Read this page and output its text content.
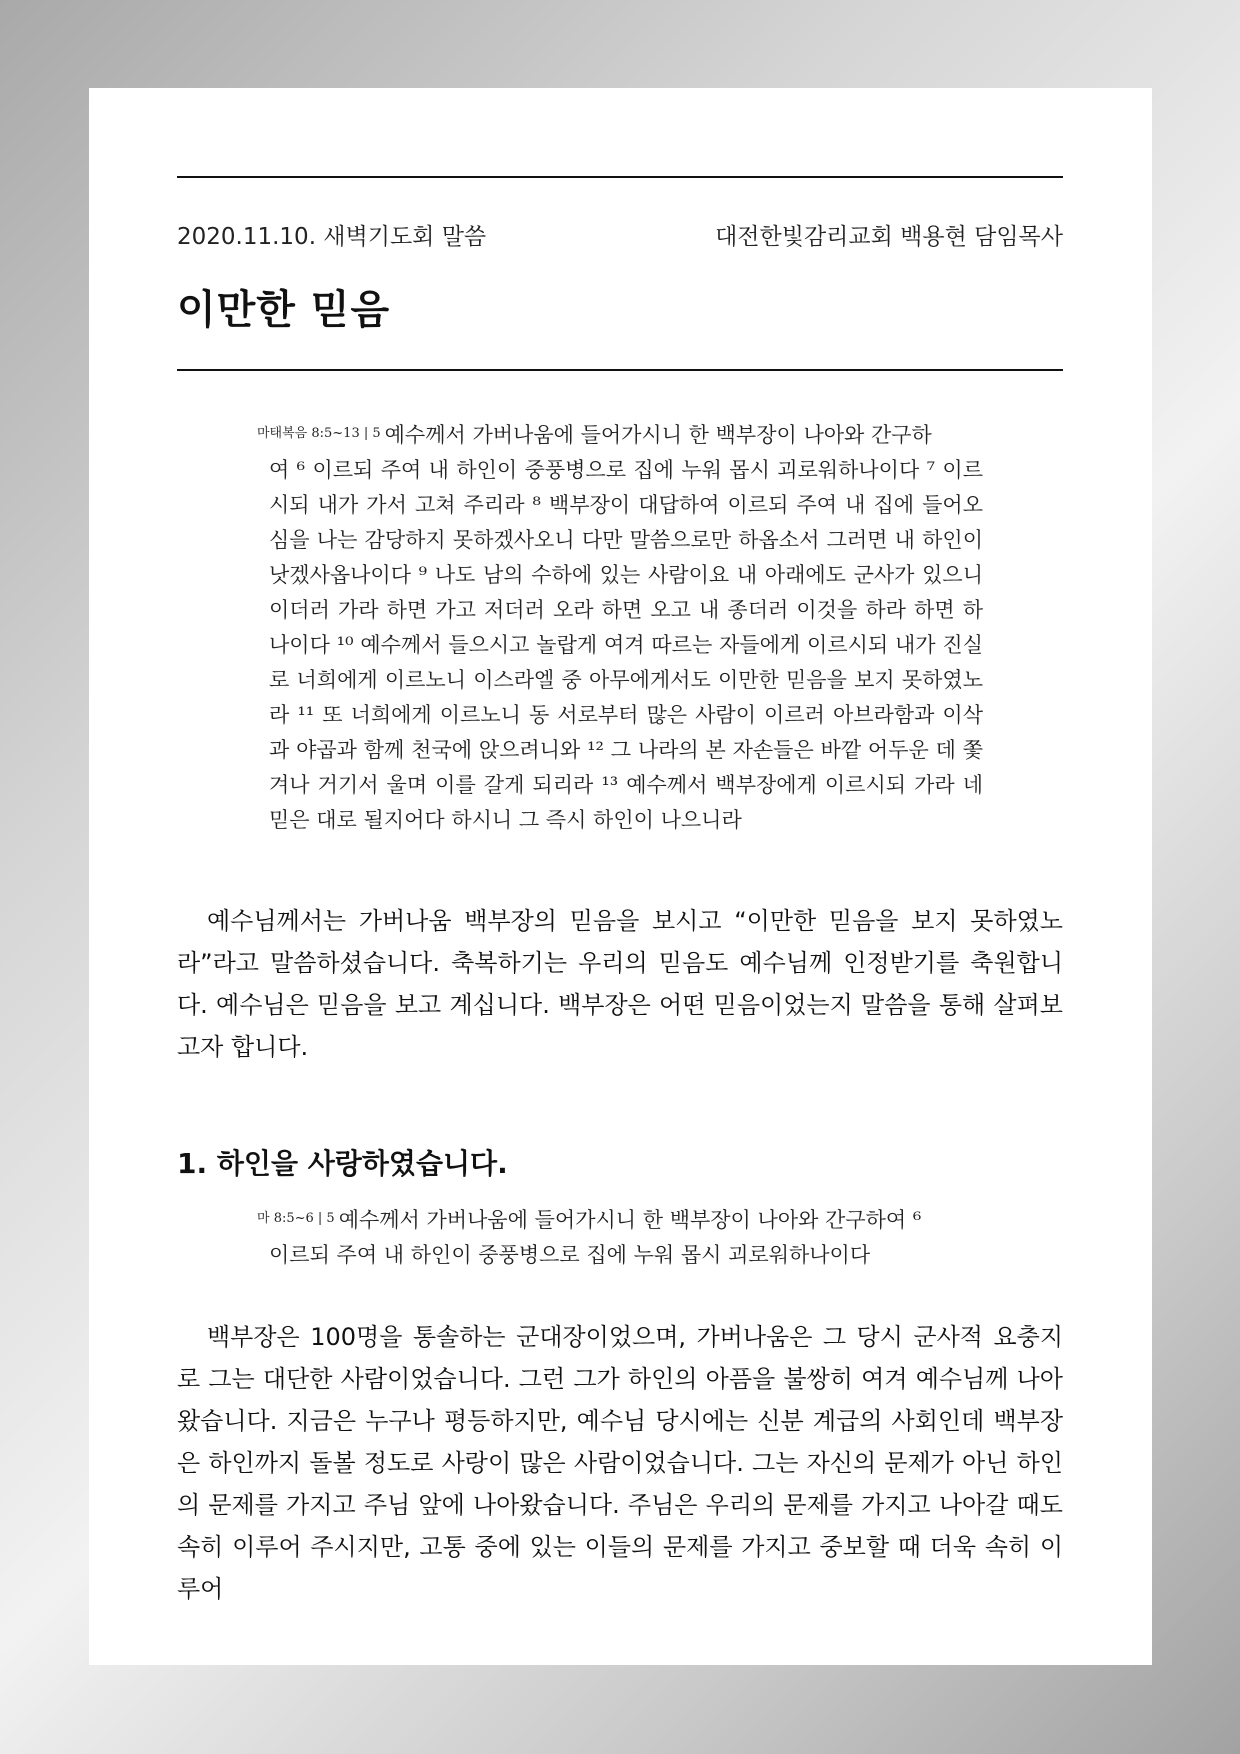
2020.11.10. 새벽기도회 말씀	대전한빛감리교회 백용현 담임목사
이만한 믿음
$^{마태복음 8:5\sim 13 | 5}$ 예수께서 가버나움에 들어가시니 한 백부장이 나아와 간구하
여 ⁶ 이르되 주여 내 하인이 중풍병으로 집에 누워 몹시 괴로워하나이다 ⁷ 이르시되 내가 가서 고쳐 주리라 ⁸ 백부장이 대답하여 이르되 주여 내 집에 들어오심을 나는 감당하지 못하겠사오니 다만 말씀으로만 하옵소서 그러면 내 하인이 낫겠사옵나이다 ⁹ 나도 남의 수하에 있는 사람이요 내 아래에도 군사가 있으니 이더러 가라 하면 가고 저더러 오라 하면 오고 내 종더러 이것을 하라 하면 하나이다 ¹⁰ 예수께서 들으시고 놀랍게 여겨 따르는 자들에게 이르시되 내가 진실로 너희에게 이르노니 이스라엘 중 아무에게서도 이만한 믿음을 보지 못하였노라 ¹¹ 또 너희에게 이르노니 동 서로부터 많은 사람이 이르러 아브라함과 이삭과 야곱과 함께 천국에 앉으려니와 ¹² 그 나라의 본 자손들은 바깥 어두운 데 쫓겨나 거기서 울며 이를 갈게 되리라 ¹³ 예수께서 백부장에게 이르시되 가라 네 믿은 대로 될지어다 하시니 그 즉시 하인이 나으니라

예수님께서는 가버나움 백부장의 믿음을 보시고 “이만한 믿음을 보지 못하였노라”라고 말씀하셨습니다. 축복하기는 우리의 믿음도 예수님께 인정받기를 축원합니다. 예수님은 믿음을 보고 계십니다. 백부장은 어떤 믿음이었는지 말씀을 통해 살펴보고자 합니다.

1. 하인을 사랑하였습니다.
$^{마 8:5\sim 6 | 5}$ 예수께서 가버나움에 들어가시니 한 백부장이 나아와 간구하여 ⁶
이르되 주여 내 하인이 중풍병으로 집에 누워 몹시 괴로워하나이다

백부장은 100명을 통솔하는 군대장이었으며, 가버나움은 그 당시 군사적 요충지로 그는 대단한 사람이었습니다. 그런 그가 하인의 아픔을 불쌍히 여겨 예수님께 나아왔습니다. 지금은 누구나 평등하지만, 예수님 당시에는 신분 계급의 사회인데 백부장은 하인까지 돌볼 정도로 사랑이 많은 사람이었습니다. 그는 자신의 문제가 아닌 하인의 문제를 가지고 주님 앞에 나아왔습니다. 주님은 우리의 문제를 가지고 나아갈 때도 속히 이루어 주시지만, 고통 중에 있는 이들의 문제를 가지고 중보할 때 더욱 속히 이루어
